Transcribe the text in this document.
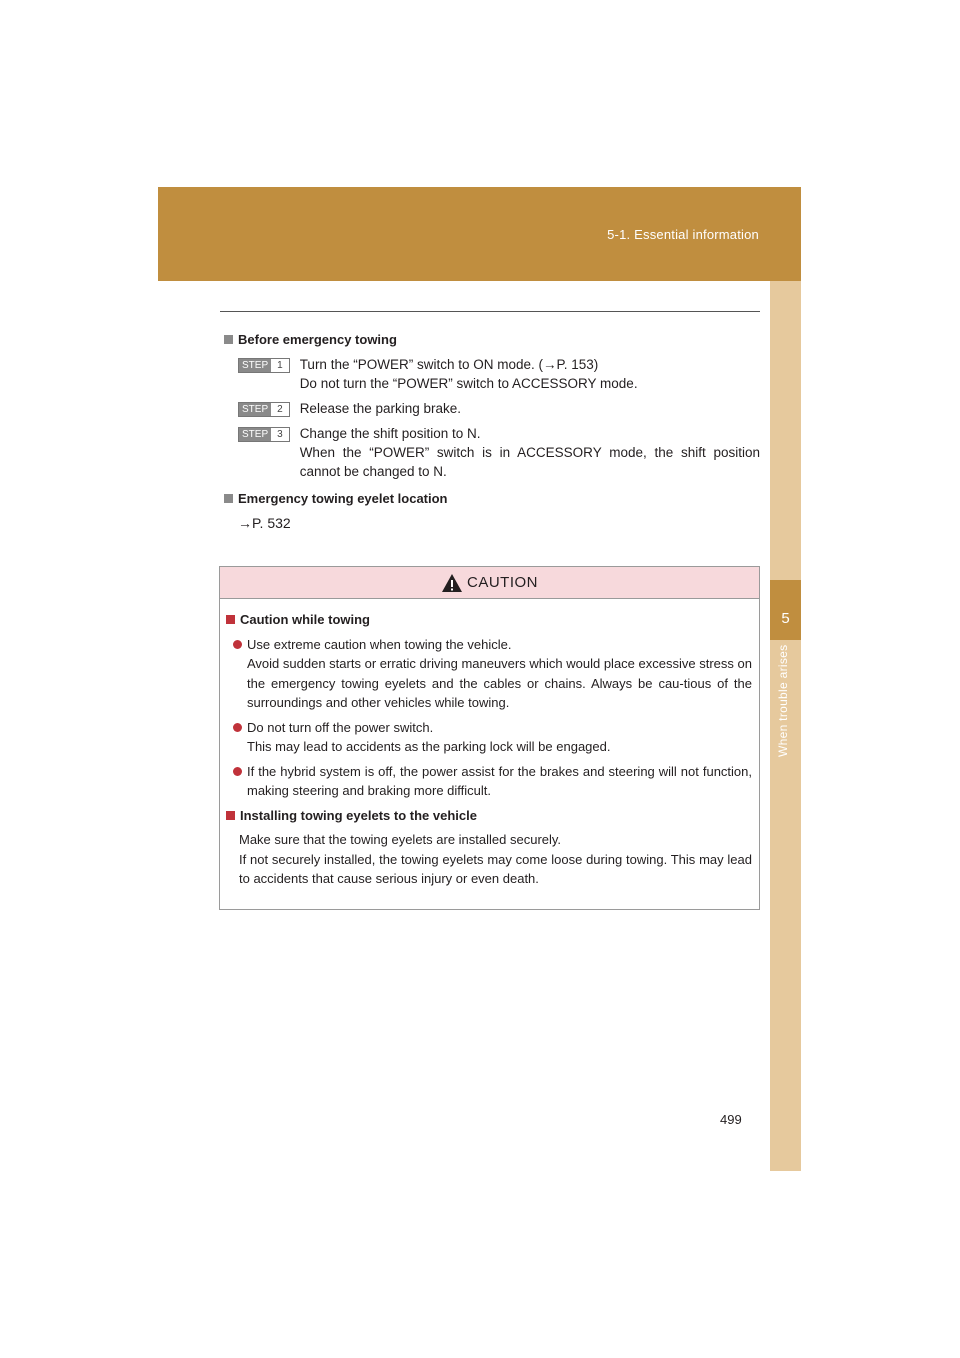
5-1. Essential information
5
When trouble arises
Before emergency towing
STEP 1	Turn the “POWER” switch to ON mode. (→P. 153)
Do not turn the “POWER” switch to ACCESSORY mode.
STEP 2	Release the parking brake.
STEP 3	Change the shift position to N.
When the “POWER” switch is in ACCESSORY mode, the shift position cannot be changed to N.
Emergency towing eyelet location
→P. 532
CAUTION
Caution while towing
Use extreme caution when towing the vehicle.
Avoid sudden starts or erratic driving maneuvers which would place excessive stress on the emergency towing eyelets and the cables or chains. Always be cau-tious of the surroundings and other vehicles while towing.
Do not turn off the power switch.
This may lead to accidents as the parking lock will be engaged.
If the hybrid system is off, the power assist for the brakes and steering will not function, making steering and braking more difficult.
Installing towing eyelets to the vehicle
Make sure that the towing eyelets are installed securely.
If not securely installed, the towing eyelets may come loose during towing. This may lead to accidents that cause serious injury or even death.
499
